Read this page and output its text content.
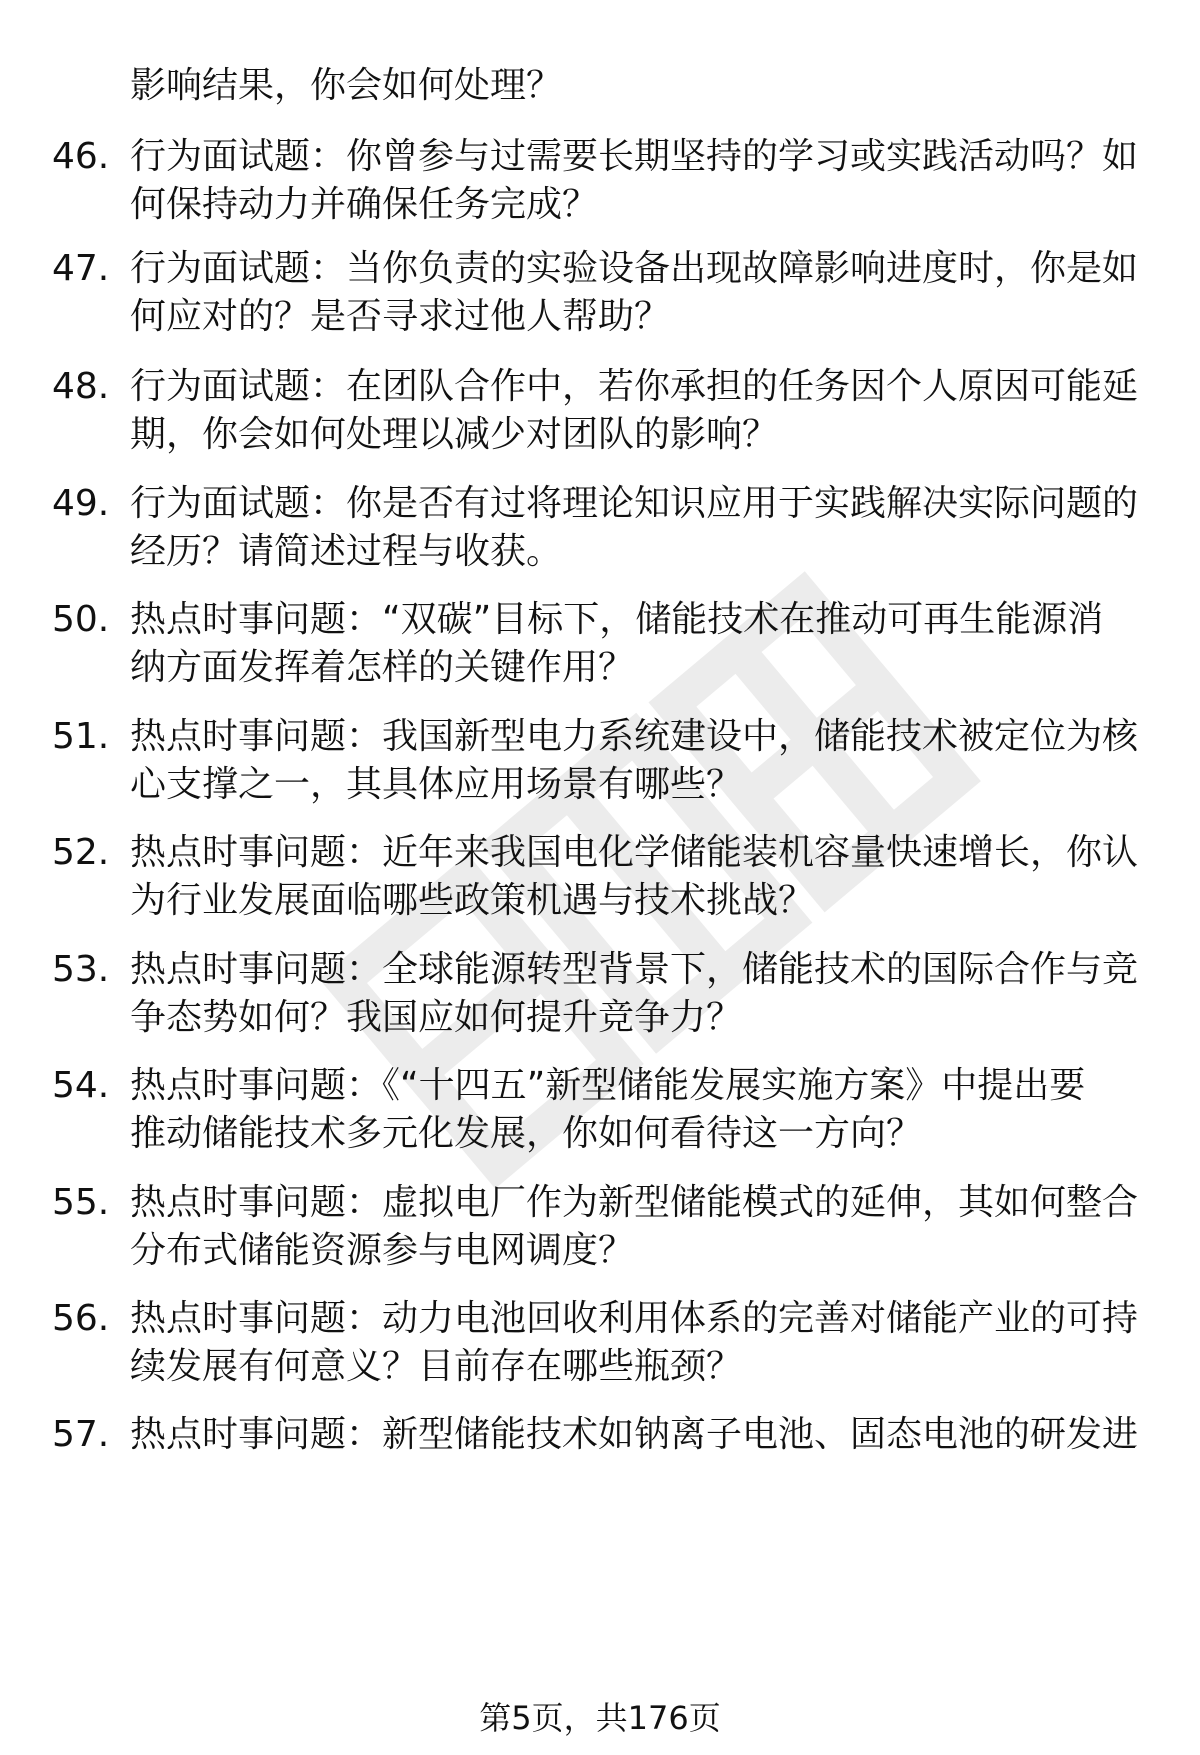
影响结果，你会如何处理？
46. 行为面试题：你曾参与过需要长期坚持的学习或实践活动吗？如
何保持动力并确保任务完成？
47. 行为面试题：当你负责的实验设备出现故障影响进度时，你是如
何应对的？是否寻求过他人帮助？
48. 行为面试题：在团队合作中，若你承担的任务因个人原因可能延
期，你会如何处理以减少对团队的影响？
49. 行为面试题：你是否有过将理论知识应用于实践解决实际问题的
经历？请简述过程与收获。
50. 热点时事问题：“双碳”目标下，储能技术在推动可再生能源消
纳方面发挥着怎样的关键作用？
51. 热点时事问题：我国新型电力系统建设中，储能技术被定位为核
心支撑之一，其具体应用场景有哪些？
52. 热点时事问题：近年来我国电化学储能装机容量快速增长，你认
为行业发展面临哪些政策机遇与技术挑战？
53. 热点时事问题：全球能源转型背景下，储能技术的国际合作与竞
争态势如何？我国应如何提升竞争力？
54. 热点时事问题：《“十四五”新型储能发展实施方案》中提出要
推动储能技术多元化发展，你如何看待这一方向？
55. 热点时事问题：虚拟电厂作为新型储能模式的延伸，其如何整合
分布式储能资源参与电网调度？
56. 热点时事问题：动力电池回收利用体系的完善对储能产业的可持
续发展有何意义？目前存在哪些瓶颈？
57. 热点时事问题：新型储能技术如钠离子电池、固态电池的研发进
第5页，共176页
